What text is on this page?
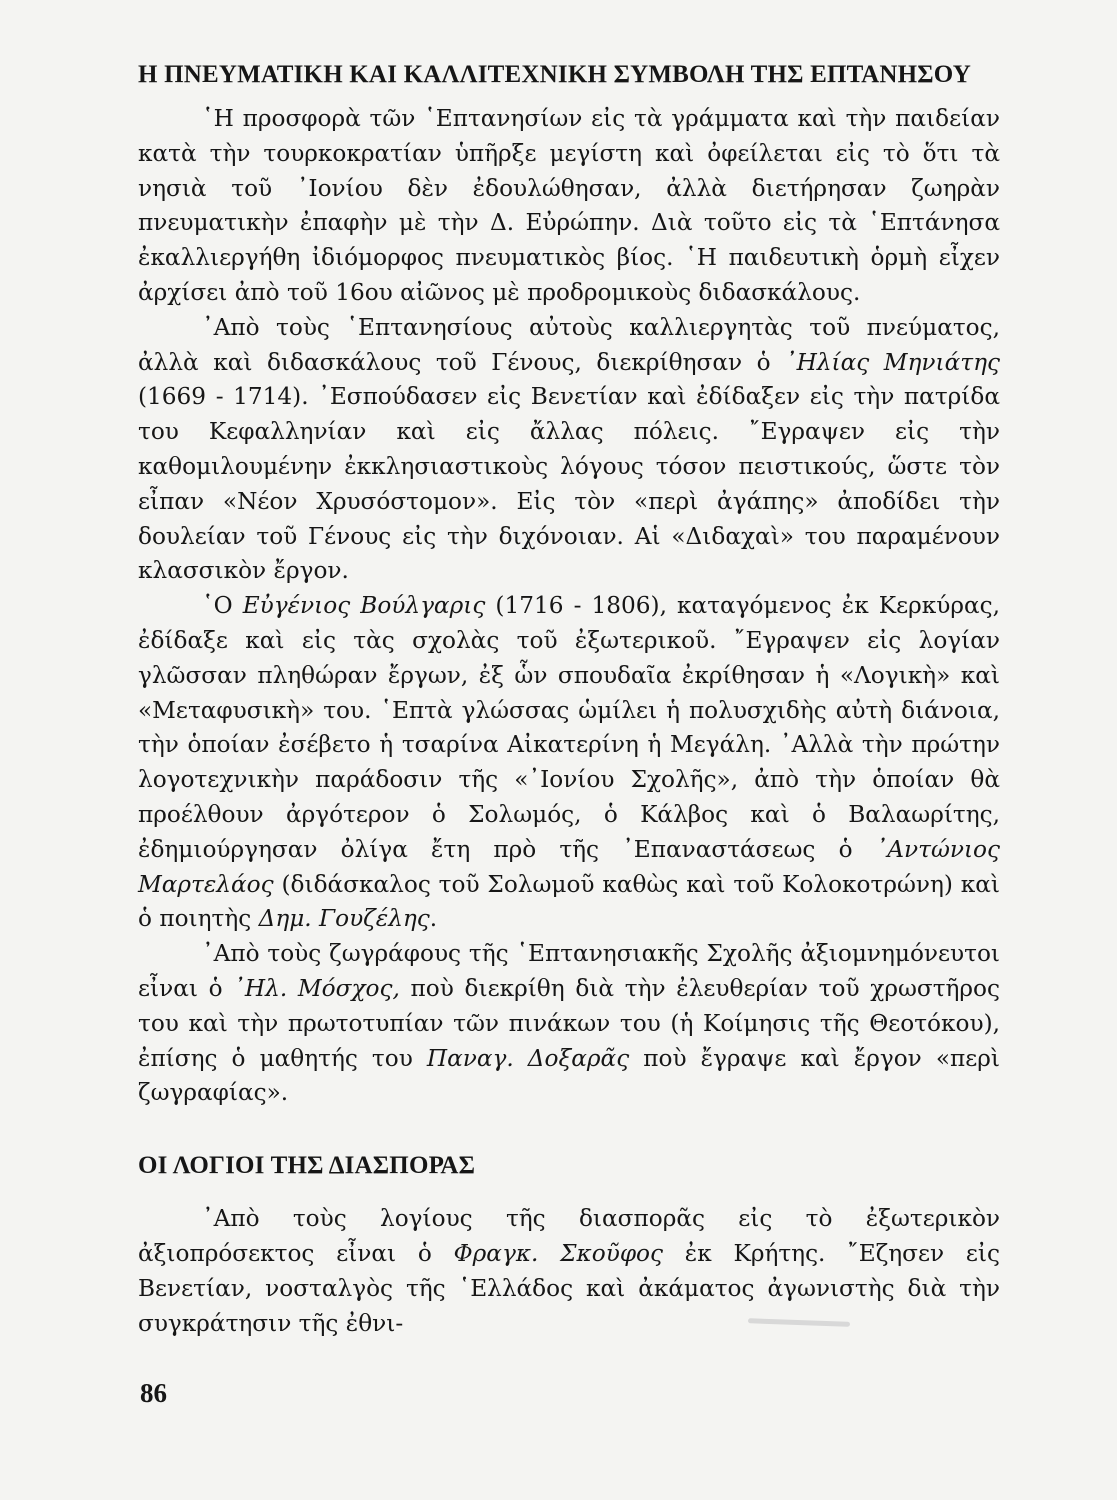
Η ΠΝΕΥΜΑΤΙΚΗ ΚΑΙ ΚΑΛΛΙΤΕΧΝΙΚΗ ΣΥΜΒΟΛΗ ΤΗΣ ΕΠΤΑΝΗΣΟΥ

῾Η προσφορὰ τῶν ῾Επτανησίων εἰς τὰ γράμματα καὶ τὴν παιδείαν κατὰ τὴν τουρκοκρατίαν ὑπῆρξε μεγίστη καὶ ὀφείλεται εἰς τὸ ὅτι τὰ νησιὰ τοῦ ᾿Ιονίου δὲν ἐδουλώθησαν, ἀλλὰ διετήρησαν ζωηρὰν πνευματικὴν ἐπαφὴν μὲ τὴν Δ. Εὐρώπην. Διὰ τοῦτο εἰς τὰ ῾Επτάνησα ἐκαλλιεργήθη ἰδιόμορφος πνευματικὸς βίος. ῾Η παιδευτικὴ ὁρμὴ εἶχεν ἀρχίσει ἀπὸ τοῦ 16ου αἰῶνος μὲ προδρομικοὺς διδασκάλους.

᾿Απὸ τοὺς ῾Επτανησίους αὐτοὺς καλλιεργητὰς τοῦ πνεύματος, ἀλλὰ καὶ διδασκάλους τοῦ Γένους, διεκρίθησαν ὁ ᾿Ηλίας Μηνιάτης (1669 - 1714). ᾿Εσπούδασεν εἰς Βενετίαν καὶ ἐδίδαξεν εἰς τὴν πατρίδα του Κεφαλληνίαν καὶ εἰς ἄλλας πόλεις. ῎Εγραψεν εἰς τὴν καθομιλουμένην ἐκκλησιαστικοὺς λόγους τόσον πειστικούς, ὥστε τὸν εἶπαν «Νέον Χρυσόστομον». Εἰς τὸν «περὶ ἀγάπης» ἀποδίδει τὴν δουλείαν τοῦ Γένους εἰς τὴν διχόνοιαν. Αἱ «Διδαχαὶ» του παραμένουν κλασσικὸν ἔργον.

῾Ο Εὐγένιος Βούλγαρις (1716 - 1806), καταγόμενος ἐκ Κερκύρας, ἐδίδαξε καὶ εἰς τὰς σχολὰς τοῦ ἐξωτερικοῦ. ῎Εγραψεν εἰς λογίαν γλῶσσαν πληθώραν ἔργων, ἐξ ὧν σπουδαῖα ἐκρίθησαν ἡ «Λογικὴ» καὶ «Μεταφυσικὴ» του. ῾Επτὰ γλώσσας ὡμίλει ἡ πολυσχιδὴς αὐτὴ διάνοια, τὴν ὁποίαν ἐσέβετο ἡ τσαρίνα Αἰκατερίνη ἡ Μεγάλη. ᾿Αλλὰ τὴν πρώτην λογοτεχνικὴν παράδοσιν τῆς «᾿Ιονίου Σχολῆς», ἀπὸ τὴν ὁποίαν θὰ προέλθουν ἀργότερον ὁ Σολωμός, ὁ Κάλβος καὶ ὁ Βαλαωρίτης, ἐδημιούργησαν ὀλίγα ἔτη πρὸ τῆς ᾿Επαναστάσεως ὁ ᾿Αντώνιος Μαρτελάος (διδάσκαλος τοῦ Σολωμοῦ καθὼς καὶ τοῦ Κολοκοτρώνη) καὶ ὁ ποιητὴς Δημ. Γουζέλης.

᾿Απὸ τοὺς ζωγράφους τῆς ῾Επτανησιακῆς Σχολῆς ἀξιομνημόνευτοι εἶναι ὁ ᾿Ηλ. Μόσχος, ποὺ διεκρίθη διὰ τὴν ἐλευθερίαν τοῦ χρωστῆρος του καὶ τὴν πρωτοτυπίαν τῶν πινάκων του (ἡ Κοίμησις τῆς Θεοτόκου), ἐπίσης ὁ μαθητής του Παναγ. Δοξαρᾶς ποὺ ἔγραψε καὶ ἔργον «περὶ ζωγραφίας».

ΟΙ ΛΟΓΙΟΙ ΤΗΣ ΔΙΑΣΠΟΡΑΣ

᾿Απὸ τοὺς λογίους τῆς διασπορᾶς εἰς τὸ ἐξωτερικὸν ἀξιοπρόσεκτος εἶναι ὁ Φραγκ. Σκοῦφος ἐκ Κρήτης. ῎Εζησεν εἰς Βενετίαν, νοσταλγὸς τῆς ῾Ελλάδος καὶ ἀκάματος ἀγωνιστὴς διὰ τὴν συγκράτησιν τῆς ἐθνι-

86
